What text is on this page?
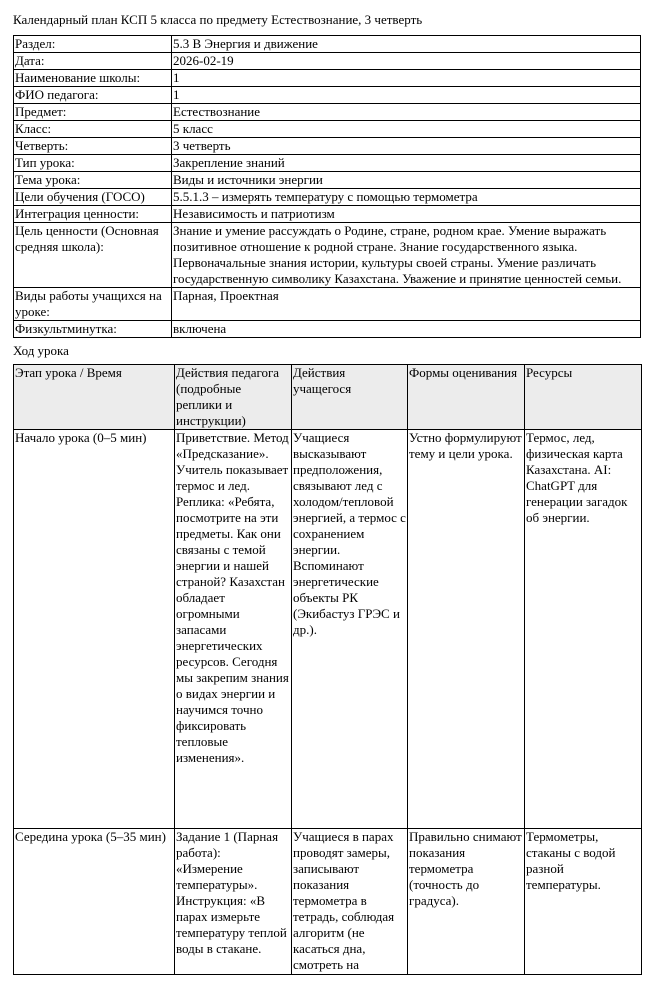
Календарный план КСП 5 класса по предмету Естествознание, 3 четверть
Раздел:	5.3 В Энергия и движение
Дата:	2026-02-19
Наименование школы:	1
ФИО педагога:	1
Предмет:	Естествознание
Класс:	5 класс
Четверть:	3 четверть
Тип урока:	Закрепление знаний
Тема урока:	Виды и источники энергии
Цели обучения (ГОСО)	5.5.1.3 – измерять температуру с помощью термометра
Интеграция ценности:	Независимость и патриотизм
Цель ценности (Основная средняя школа):	Знание и умение рассуждать о Родине, стране, родном крае. Умение выражать позитивное отношение к родной стране. Знание государственного языка. Первоначальные знания истории, культуры своей страны. Умение различать государственную символику Казахстана. Уважение и принятие ценностей семьи.
Виды работы учащихся на уроке:	Парная, Проектная
Физкультминутка:	включена
Ход урока
Этап урока / Время	Действия педагога (подробные реплики и инструкции)	Действия учащегося	Формы оценивания	Ресурсы
Начало урока (0–5 мин)	Приветствие. Метод «Предсказание». Учитель показывает термос и лед. Реплика: «Ребята, посмотрите на эти предметы. Как они связаны с темой энергии и нашей страной? Казахстан обладает огромными запасами энергетических ресурсов. Сегодня мы закрепим знания о видах энергии и научимся точно фиксировать тепловые изменения».	Учащиеся высказывают предположения, связывают лед с холодом/тепловой энергией, а термос с сохранением энергии. Вспоминают энергетические объекты РК (Экибастуз ГРЭС и др.).	Устно формулируют тему и цели урока.	Термос, лед, физическая карта Казахстана. AI: ChatGPT для генерации загадок об энергии.
Середина урока (5–35 мин)	Задание 1 (Парная работа): «Измерение температуры». Инструкция: «В парах измерьте температуру теплой воды в стакане.	Учащиеся в парах проводят замеры, записывают показания термометра в тетрадь, соблюдая алгоритм (не касаться дна, смотреть на	Правильно снимают показания термометра (точность до градуса).	Термометры, стаканы с водой разной температуры.
